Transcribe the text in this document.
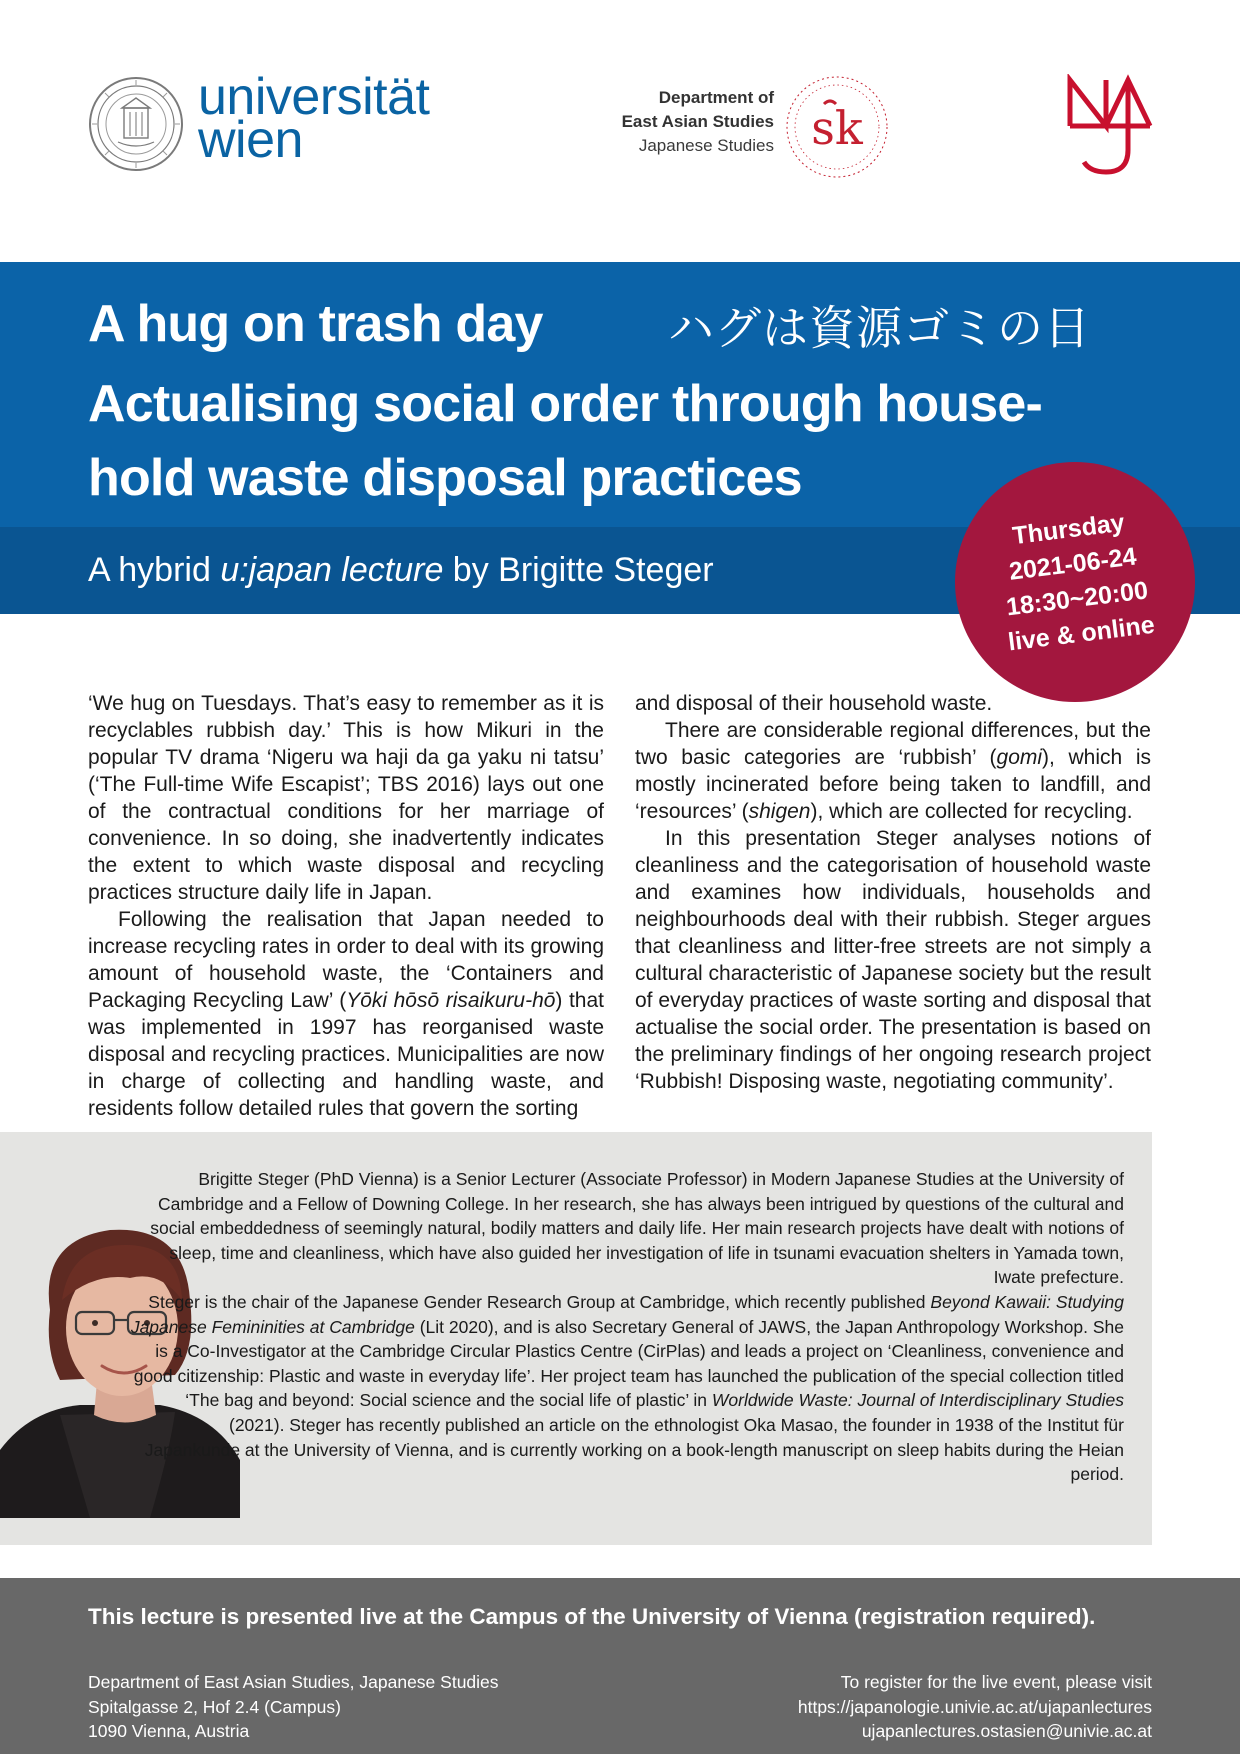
universität
wien
Department of
East Asian Studies
Japanese Studies sk
A hug on trash day	ハグは資源ゴミの日
Actualising social order through house-
hold waste disposal practices
A hybrid u:japan lecture by Brigitte Steger
Thursday
2021-06-24
18:30~20:00
live & online

‘We hug on Tuesdays. That’s easy to remember as it is recyclables rubbish day.’ This is how Mikuri in the popular TV drama ‘Nigeru wa haji da ga yaku ni tatsu’ (‘The Full-time Wife Escapist’; TBS 2016) lays out one of the contractual conditions for her marriage of convenience. In so doing, she inadvertently indicates the extent to which waste disposal and recycling practices structure daily life in Japan.

Following the realisation that Japan needed to increase recycling rates in order to deal with its growing amount of household waste, the ‘Containers and Packaging Recycling Law’ (Yōki hōsō risaikuru-hō) that was implemented in 1997 has reorganised waste disposal and recycling practices. Municipalities are now in charge of collecting and handling waste, and residents follow detailed rules that govern the sorting

and disposal of their household waste.

There are considerable regional differences, but the two basic categories are ‘rubbish’ (gomi), which is mostly incinerated before being taken to landfill, and ‘resources’ (shigen), which are collected for recycling.

In this presentation Steger analyses notions of cleanliness and the categorisation of household waste and examines how individuals, households and neighbourhoods deal with their rubbish. Steger argues that cleanliness and litter-free streets are not simply a cultural characteristic of Japanese society but the result of everyday practices of waste sorting and disposal that actualise the social order. The presentation is based on the preliminary findings of her ongoing research project ‘Rubbish! Disposing waste, negotiating community’.

Brigitte Steger (PhD Vienna) is a Senior Lecturer (Associate Professor) in Modern Japanese Studies at the University of Cambridge and a Fellow of Downing College. In her research, she has always been intrigued by questions of the cultural and social embeddedness of seemingly natural, bodily matters and daily life. Her main research projects have dealt with notions of sleep, time and cleanliness, which have also guided her investigation of life in tsunami evacuation shelters in Yamada town, Iwate prefecture.

Steger is the chair of the Japanese Gender Research Group at Cambridge, which recently published Beyond Kawaii: Studying Japanese Femininities at Cambridge (Lit 2020), and is also Secretary General of JAWS, the Japan Anthropology Workshop. She is a Co-Investigator at the Cambridge Circular Plastics Centre (CirPlas) and leads a project on ‘Cleanliness, convenience and good citizenship: Plastic and waste in everyday life’. Her project team has launched the publication of the special collection titled ‘The bag and beyond: Social science and the social life of plastic’ in Worldwide Waste: Journal of Interdisciplinary Studies (2021). Steger has recently published an article on the ethnologist Oka Masao, the founder in 1938 of the Institut für Japankunde at the University of Vienna, and is currently working on a book-length manuscript on sleep habits during the Heian period.

This lecture is presented live at the Campus of the University of Vienna (registration required).
Department of East Asian Studies, Japanese Studies
Spitalgasse 2, Hof 2.4 (Campus)
1090 Vienna, Austria
To register for the live event, please visit
https://japanologie.univie.ac.at/ujapanlectures
ujapanlectures.ostasien@univie.ac.at
